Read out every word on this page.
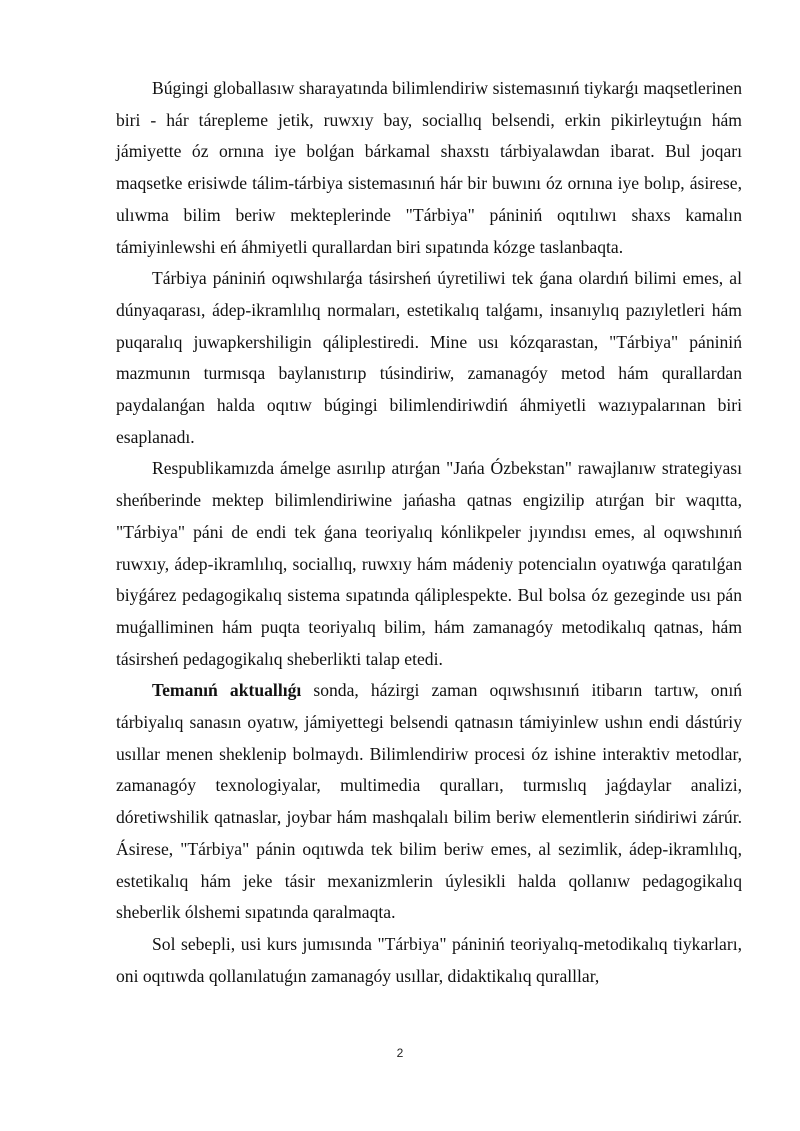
Búgingi globallasıw sharayatında bilimlendiriw sistemasınıń tiykarǵı maqsetlerinen biri - hár tárepleme jetik, ruwxıy bay, sociallıq belsendi, erkin pikirleytuǵın hám jámiyette óz ornına iye bolǵan bárkamal shaxstı tárbiyalawdan ibarat. Bul joqarı maqsetke erisiwde tálim-tárbiya sistemasınıń hár bir buwını óz ornına iye bolıp, ásirese, ulıwma bilim beriw mekteplerinde "Tárbiya" pániniń oqıtılıwı shaxs kamalın támiyinlewshi eń áhmiyetli qurallardan biri sıpatında kózge taslanbaqta.

Tárbiya pániniń oqıwshılarǵa tásirsheń úyretiliwi tek ǵana olardıń bilimi emes, al dúnyaqarası, ádep-ikramlılıq normaları, estetikalıq talǵamı, insanıylıq pazıyletleri hám puqaralıq juwapkershiligin qáliplestiredi. Mine usı kózqarastan, "Tárbiya" pániniń mazmunın turmısqa baylanıstırıp túsindiriw, zamanagóy metod hám qurallardan paydalanǵan halda oqıtıw búgingi bilimlendiriwdiń áhmiyetli wazıypalarınan biri esaplanadı.

Respublikamızda ámelge asırılıp atırǵan "Jańa Ózbekstan" rawajlanıw strategiyası sheńberinde mektep bilimlendiriwine jańasha qatnas engizilip atırǵan bir waqıtta, "Tárbiya" páni de endi tek ǵana teoriyalıq kónlikpeler jıyındısı emes, al oqıwshınıń ruwxıy, ádep-ikramlılıq, sociallıq, ruwxıy hám mádeniy potencialın oyatıwǵa qaratılǵan biyǵárez pedagogikalıq sistema sıpatında qáliplespekte. Bul bolsa óz gezeginde usı pán muǵalliminen hám puqta teoriyalıq bilim, hám zamanagóy metodikalıq qatnas, hám tásirsheń pedagogikalıq sheberlikti talap etedi.

Temanıń aktuallıǵı sonda, házirgi zaman oqıwshısınıń itibarın tartıw, onıń tárbiyalıq sanasın oyatıw, jámiyettegi belsendi qatnasın támiyinlew ushın endi dástúriy usıllar menen sheklenip bolmaydı. Bilimlendiriw procesi óz ishine interaktiv metodlar, zamanagóy texnologiyalar, multimedia quralları, turmıslıq jaǵdaylar analizi, dóretiwshilik qatnaslar, joybar hám mashqalalı bilim beriw elementlerin sińdiriwi zárúr. Ásirese, "Tárbiya" pánin oqıtıwda tek bilim beriw emes, al sezimlik, ádep-ikramlılıq, estetikalıq hám jeke tásir mexanizmlerin úylesikli halda qollanıw pedagogikalıq sheberlik ólshemi sıpatında qaralmaqta.

Sol sebepli, usi kurs jumısında "Tárbiya" pániniń teoriyalıq-metodikalıq tiykarları, oni oqıtıwda qollanılatuǵın zamanagóy usıllar, didaktikalıq quralllar,

2
